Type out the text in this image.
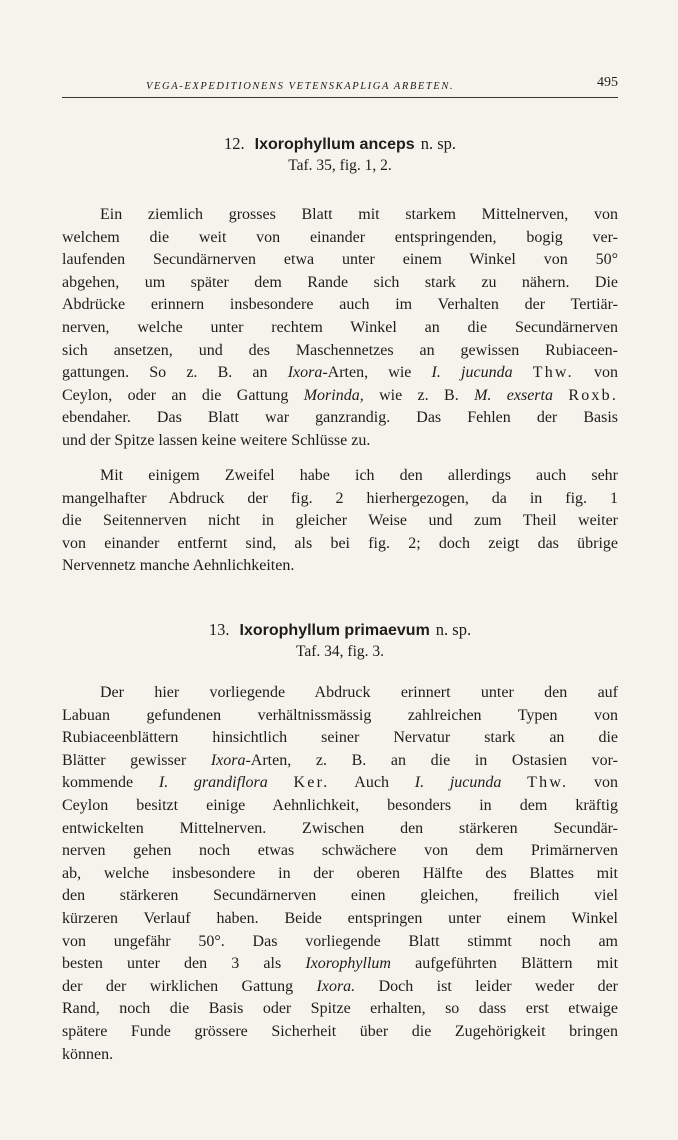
VEGA-EXPEDITIONENS VETENSKAPLIGA ARBETEN.	495
12. Ixorophyllum anceps n. sp.
Taf. 35, fig. 1, 2.

Ein ziemlich grosses Blatt mit starkem Mittelnerven, von
welchem die weit von einander entspringenden, bogig ver-
laufenden Secundärnerven etwa unter einem Winkel von 50°
abgehen, um später dem Rande sich stark zu nähern. Die
Abdrücke erinnern insbesondere auch im Verhalten der Tertiär-
nerven, welche unter rechtem Winkel an die Secundärnerven
sich ansetzen, und des Maschennetzes an gewissen Rubiaceen-
gattungen. So z. B. an Ixora-Arten, wie I. jucunda Thw. von
Ceylon, oder an die Gattung Morinda, wie z. B. M. exserta Roxb.
ebendaher. Das Blatt war ganzrandig. Das Fehlen der Basis
und der Spitze lassen keine weitere Schlüsse zu.

Mit einigem Zweifel habe ich den allerdings auch sehr
mangelhafter Abdruck der fig. 2 hierhergezogen, da in fig. 1
die Seitennerven nicht in gleicher Weise und zum Theil weiter
von einander entfernt sind, als bei fig. 2; doch zeigt das übrige
Nervennetz manche Aehnlichkeiten.

13. Ixorophyllum primaevum n. sp.
Taf. 34, fig. 3.

Der hier vorliegende Abdruck erinnert unter den auf
Labuan gefundenen verhältnissmässig zahlreichen Typen von
Rubiaceenblättern hinsichtlich seiner Nervatur stark an die
Blätter gewisser Ixora-Arten, z. B. an die in Ostasien vor-
kommende I. grandiflora Ker. Auch I. jucunda Thw. von
Ceylon besitzt einige Aehnlichkeit, besonders in dem kräftig
entwickelten Mittelnerven. Zwischen den stärkeren Secundär-
nerven gehen noch etwas schwächere von dem Primärnerven
ab, welche insbesondere in der oberen Hälfte des Blattes mit
den stärkeren Secundärnerven einen gleichen, freilich viel
kürzeren Verlauf haben. Beide entspringen unter einem Winkel
von ungefähr 50°. Das vorliegende Blatt stimmt noch am
besten unter den 3 als Ixorophyllum aufgeführten Blättern mit
der der wirklichen Gattung Ixora. Doch ist leider weder der
Rand, noch die Basis oder Spitze erhalten, so dass erst etwaige
spätere Funde grössere Sicherheit über die Zugehörigkeit bringen
können.
